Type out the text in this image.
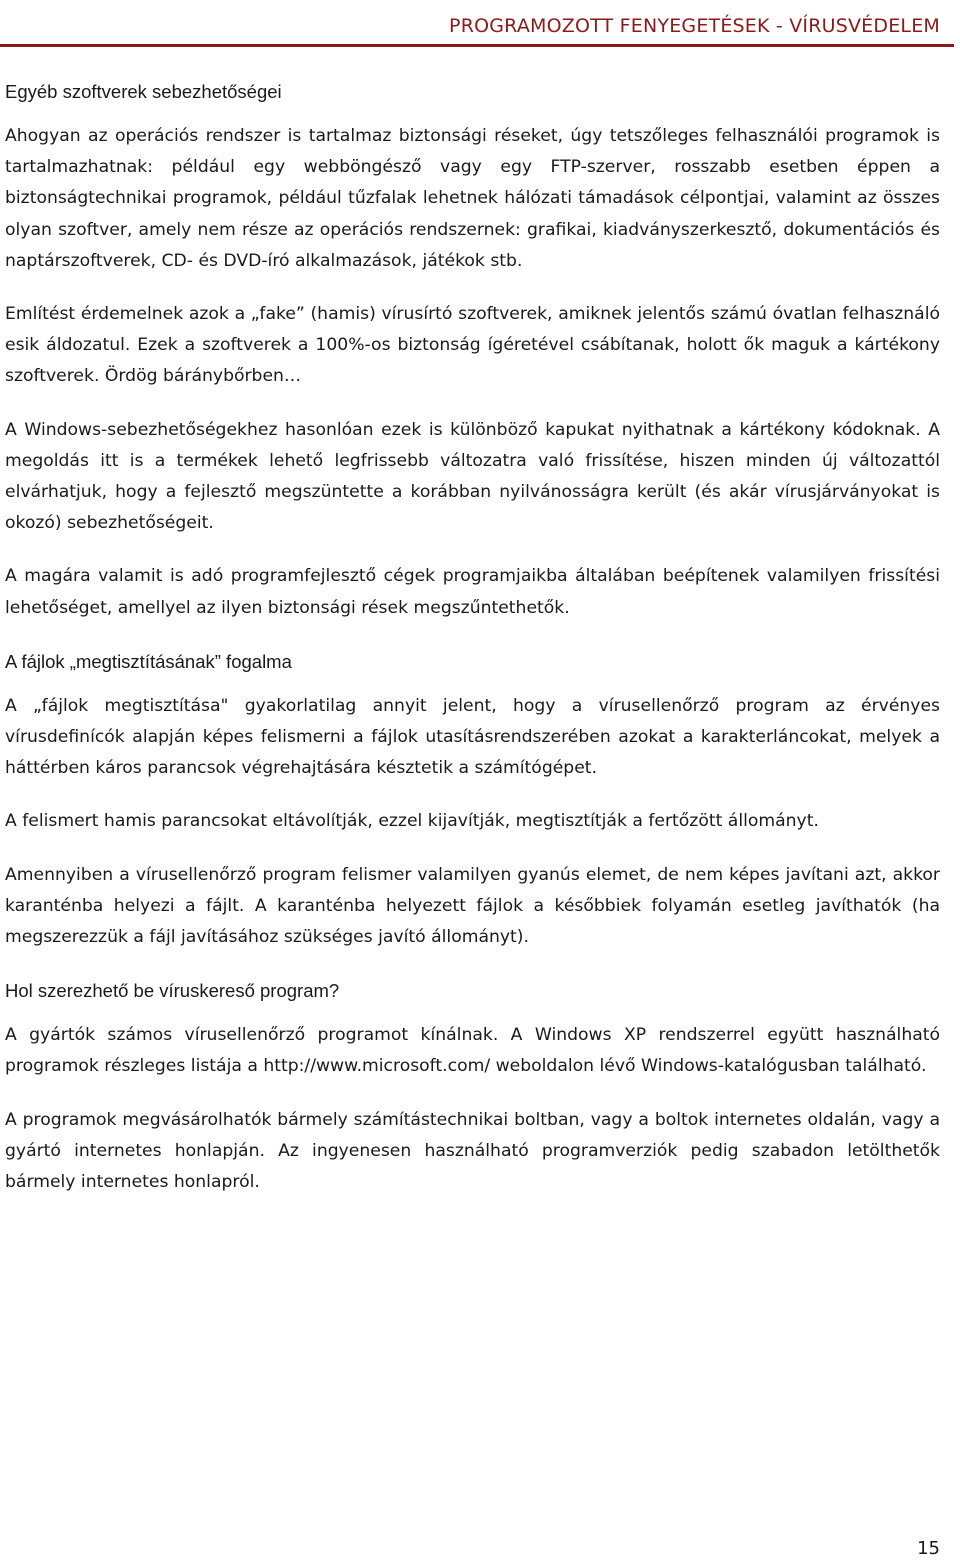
PROGRAMOZOTT FENYEGETÉSEK - VÍRUSVÉDELEM
Egyéb szoftverek sebezhetőségei

Ahogyan az operációs rendszer is tartalmaz biztonsági réseket, úgy tetszőleges felhasználói programok is tartalmazhatnak: például egy webböngésző vagy egy FTP-szerver, rosszabb esetben éppen a biztonságtechnikai programok, például tűzfalak lehetnek hálózati támadások célpontjai, valamint az összes olyan szoftver, amely nem része az operációs rendszernek: grafikai, kiadványszerkesztő, dokumentációs és naptárszoftverek, CD- és DVD-író alkalmazások, játékok stb.

Említést érdemelnek azok a „fake” (hamis) vírusírtó szoftverek, amiknek jelentős számú óvatlan felhasználó esik áldozatul. Ezek a szoftverek a 100%-os biztonság ígéretével csábítanak, holott ők maguk a kártékony szoftverek. Ördög báránybőrben…

A Windows-sebezhetőségekhez hasonlóan ezek is különböző kapukat nyithatnak a kártékony kódoknak. A megoldás itt is a termékek lehető legfrissebb változatra való frissítése, hiszen minden új változattól elvárhatjuk, hogy a fejlesztő megszüntette a korábban nyilvánosságra került (és akár vírusjárványokat is okozó) sebezhetőségeit.

A magára valamit is adó programfejlesztő cégek programjaikba általában beépítenek valamilyen frissítési lehetőséget, amellyel az ilyen biztonsági rések megszűntethetők.

A fájlok „megtisztításának” fogalma

A „fájlok megtisztítása" gyakorlatilag annyit jelent, hogy a vírusellenőrző program az érvényes vírusdefinícók alapján képes felismerni a fájlok utasításrendszerében azokat a karakterláncokat, melyek a háttérben káros parancsok végrehajtására késztetik a számítógépet.

A felismert hamis parancsokat eltávolítják, ezzel kijavítják, megtisztítják a fertőzött állományt.

Amennyiben a vírusellenőrző program felismer valamilyen gyanús elemet, de nem képes javítani azt, akkor karanténba helyezi a fájlt. A karanténba helyezett fájlok a későbbiek folyamán esetleg javíthatók (ha megszerezzük a fájl javításához szükséges javító állományt).

Hol szerezhető be víruskereső program?

A gyártók számos vírusellenőrző programot kínálnak. A Windows XP rendszerrel együtt használható programok részleges listája a http://www.microsoft.com/ weboldalon lévő Windows-katalógusban található.

A programok megvásárolhatók bármely számítástechnikai boltban, vagy a boltok internetes oldalán, vagy a gyártó internetes honlapján. Az ingyenesen használható programverziók pedig szabadon letölthetők bármely internetes honlapról.

15
